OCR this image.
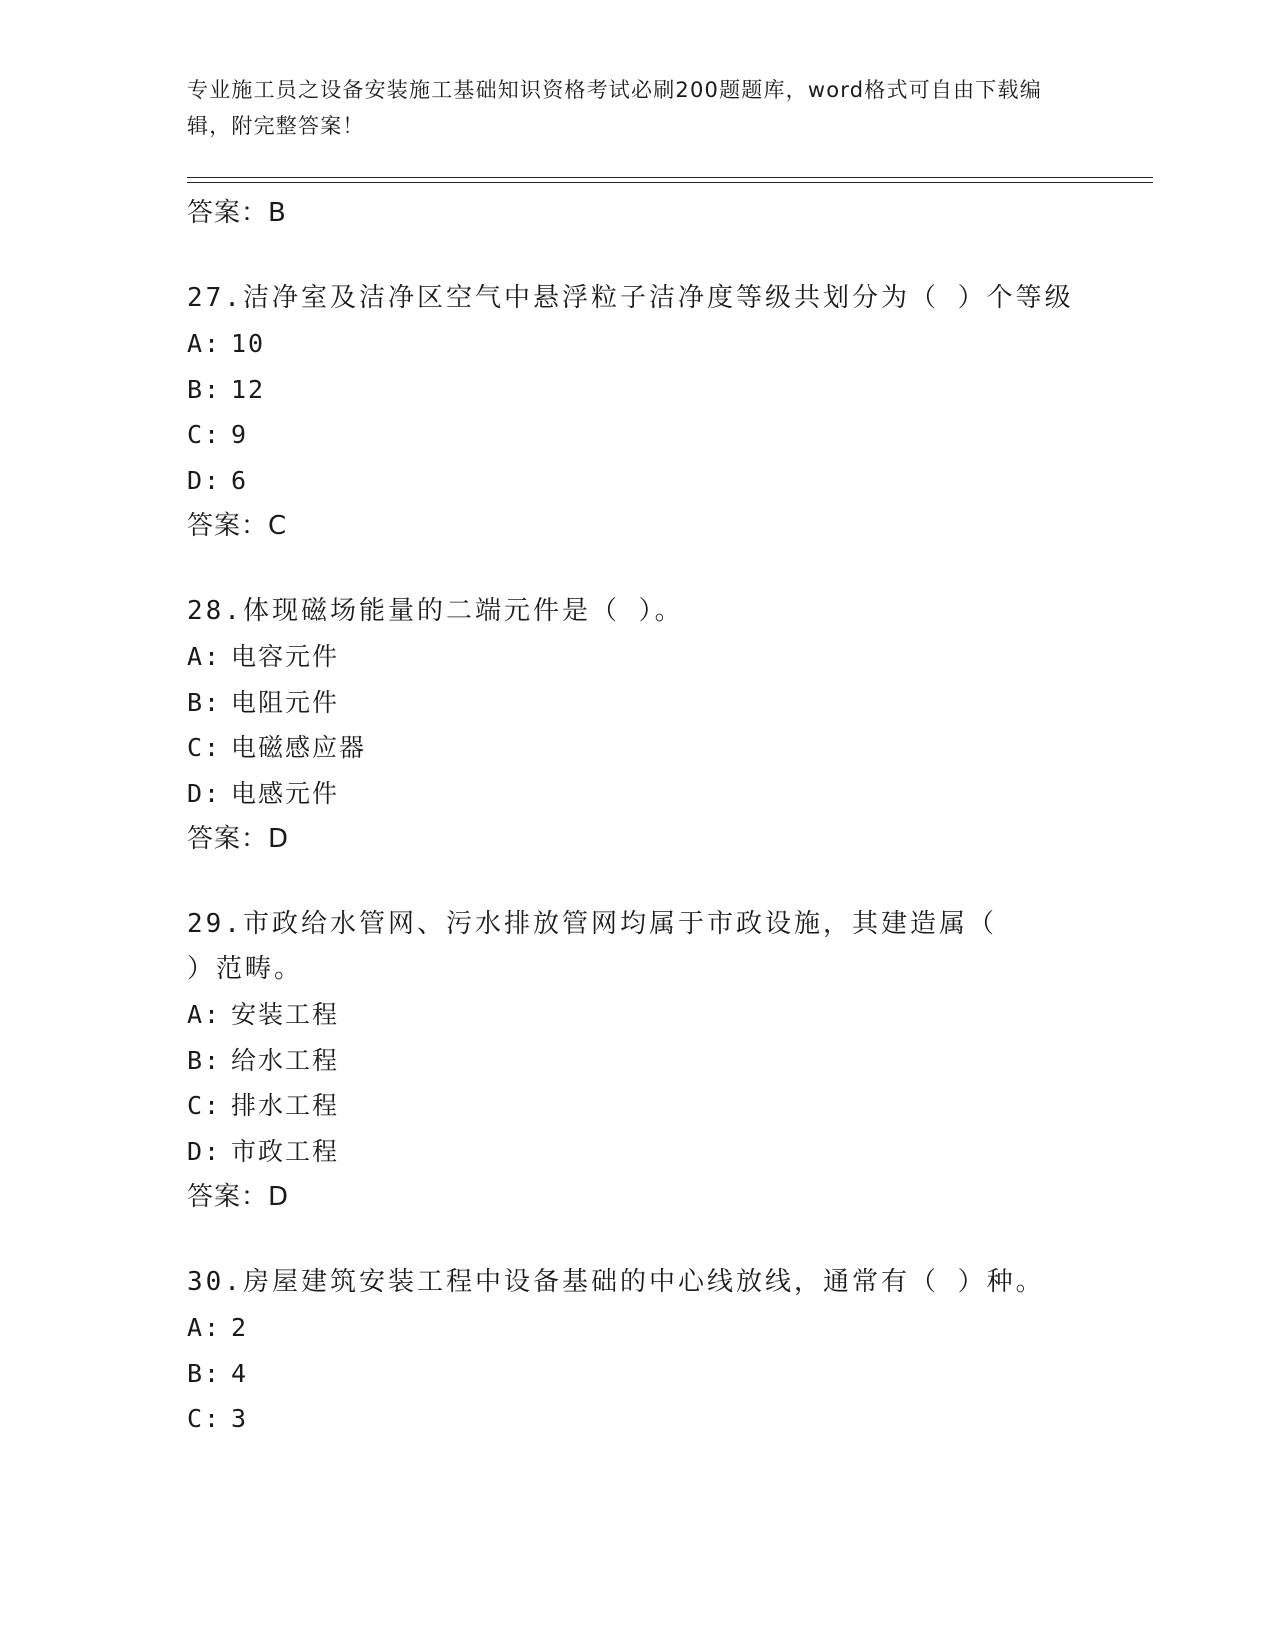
专业施工员之设备安装施工基础知识资格考试必刷200题题库，word格式可自由下载编辑，附完整答案！
答案：B
27.洁净室及洁净区空气中悬浮粒子洁净度等级共划分为（ ）个等级
A: 10
B: 12
C: 9
D: 6
答案：C
28.体现磁场能量的二端元件是（ ）。
A: 电容元件
B: 电阻元件
C: 电磁感应器
D: 电感元件
答案：D
29.市政给水管网、污水排放管网均属于市政设施，其建造属（ ）范畴。
A: 安装工程
B: 给水工程
C: 排水工程
D: 市政工程
答案：D
30.房屋建筑安装工程中设备基础的中心线放线，通常有（ ）种。
A: 2
B: 4
C: 3
